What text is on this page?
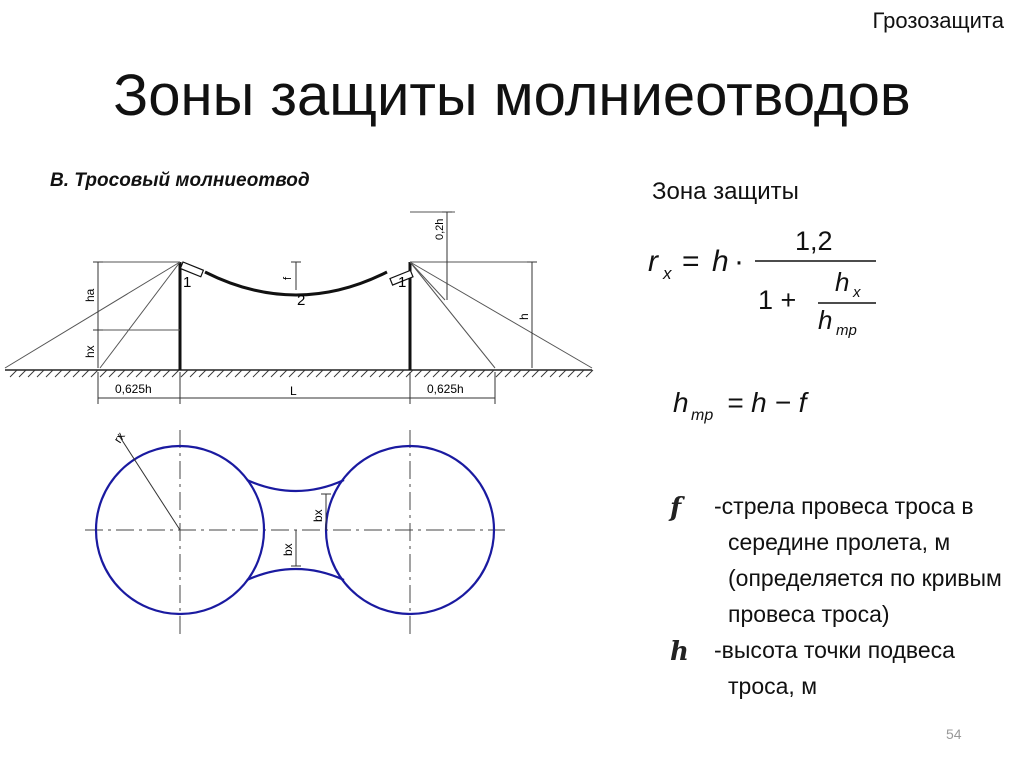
Грозозащита
Зоны защиты молниеотводов
В. Тросовый молниеотвод	Зона защиты
1	1
2
f
ha
hx
h
0,2h
0,625h	L	0,625h
rx
bx
bx
r x = h ·
1,2
1 +
h x
h mp
h mp = h − f
f -стрела провеса троса в
середине пролета, м (определяется по кривым провеса троса)
h -высота точки подвеса
троса, м
54
